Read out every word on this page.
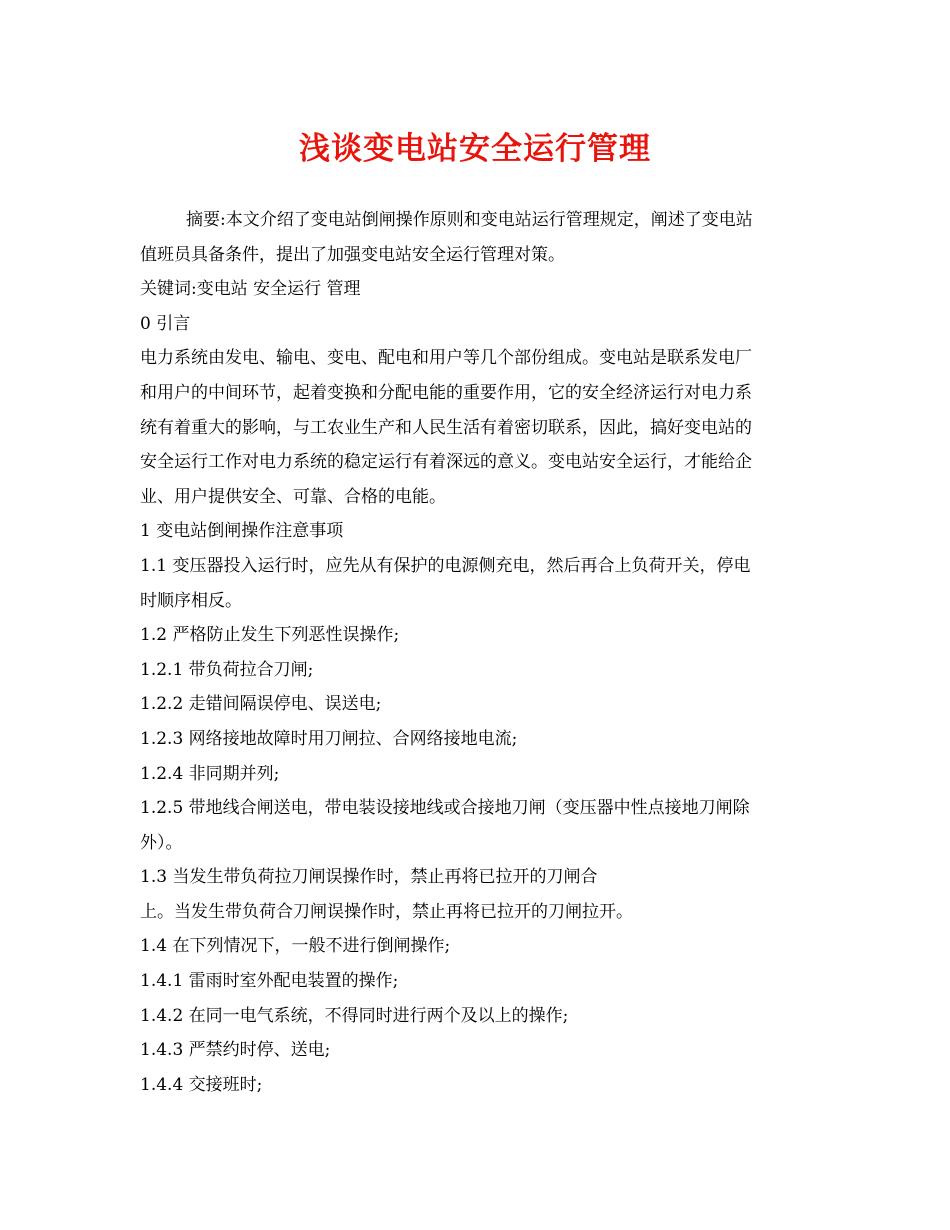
浅谈变电站安全运行管理
摘要:本文介绍了变电站倒闸操作原则和变电站运行管理规定，阐述了变电站
值班员具备条件，提出了加强变电站安全运行管理对策。
关键词:变电站 安全运行 管理
0 引言
电力系统由发电、输电、变电、配电和用户等几个部份组成。变电站是联系发电厂
和用户的中间环节，起着变换和分配电能的重要作用，它的安全经济运行对电力系
统有着重大的影响，与工农业生产和人民生活有着密切联系，因此，搞好变电站的
安全运行工作对电力系统的稳定运行有着深远的意义。变电站安全运行，才能给企
业、用户提供安全、可靠、合格的电能。
1 变电站倒闸操作注意事项
1.1 变压器投入运行时，应先从有保护的电源侧充电，然后再合上负荷开关，停电
时顺序相反。
1.2 严格防止发生下列恶性误操作;
1.2.1 带负荷拉合刀闸;
1.2.2 走错间隔误停电、误送电;
1.2.3 网络接地故障时用刀闸拉、合网络接地电流;
1.2.4 非同期并列;
1.2.5 带地线合闸送电，带电装设接地线或合接地刀闸（变压器中性点接地刀闸除
外）。
1.3 当发生带负荷拉刀闸误操作时，禁止再将已拉开的刀闸合
上。当发生带负荷合刀闸误操作时，禁止再将已拉开的刀闸拉开。
1.4 在下列情况下，一般不进行倒闸操作;
1.4.1 雷雨时室外配电装置的操作;
1.4.2 在同一电气系统，不得同时进行两个及以上的操作;
1.4.3 严禁约时停、送电;
1.4.4 交接班时;
